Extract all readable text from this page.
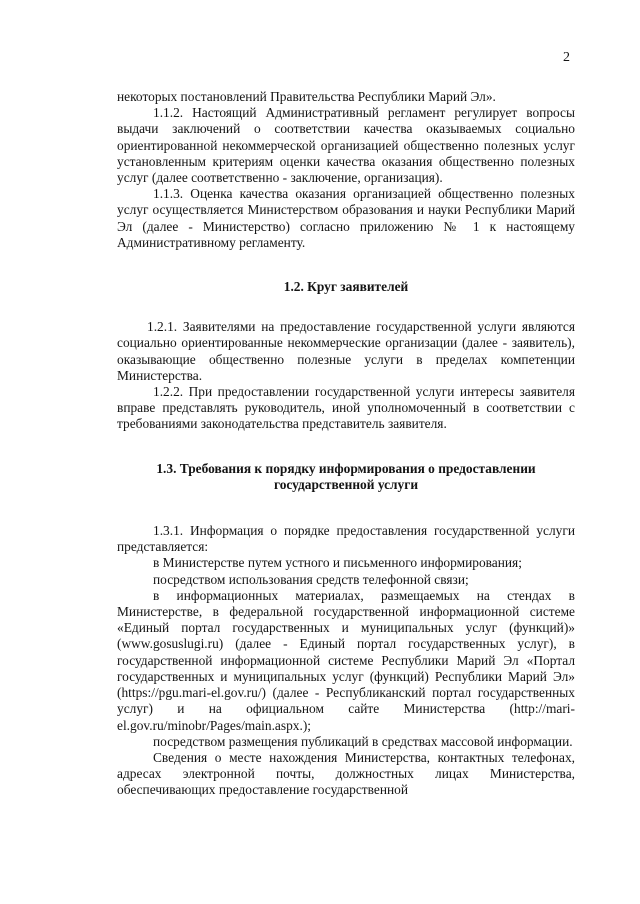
2

некоторых постановлений Правительства Республики Марий Эл».

1.1.2. Настоящий Административный регламент регулирует вопросы выдачи заключений о соответствии качества оказываемых социально ориентированной некоммерческой организацией общественно полезных услуг установленным критериям оценки качества оказания общественно полезных услуг (далее соответственно - заключение, организация).

1.1.3. Оценка качества оказания организацией общественно полезных услуг осуществляется Министерством образования и науки Республики Марий Эл (далее - Министерство) согласно приложению № 1 к настоящему Административному регламенту.

1.2. Круг заявителей

1.2.1. Заявителями на предоставление государственной услуги являются социально ориентированные некоммерческие организации (далее - заявитель), оказывающие общественно полезные услуги в пределах компетенции Министерства.

1.2.2. При предоставлении государственной услуги интересы заявителя вправе представлять руководитель, иной уполномоченный в соответствии с требованиями законодательства представитель заявителя.

1.3. Требования к порядку информирования о предоставлении
государственной услуги

1.3.1. Информация о порядке предоставления государственной услуги представляется:

в Министерстве путем устного и письменного информирования;

посредством использования средств телефонной связи;

в информационных материалах, размещаемых на стендах в Министерстве, в федеральной государственной информационной системе «Единый портал государственных и муниципальных услуг (функций)» (www.gosuslugi.ru) (далее - Единый портал государственных услуг), в государственной информационной системе Республики Марий Эл «Портал государственных и муниципальных услуг (функций) Республики Марий Эл» (https://pgu.mari-el.gov.ru/) (далее - Республиканский портал государственных услуг) и на официальном сайте Министерства (http://mari-el.gov.ru/minobr/Pages/main.aspx.);

посредством размещения публикаций в средствах массовой информации.

Сведения о месте нахождения Министерства, контактных телефонах, адресах электронной почты, должностных лицах Министерства, обеспечивающих предоставление государственной
